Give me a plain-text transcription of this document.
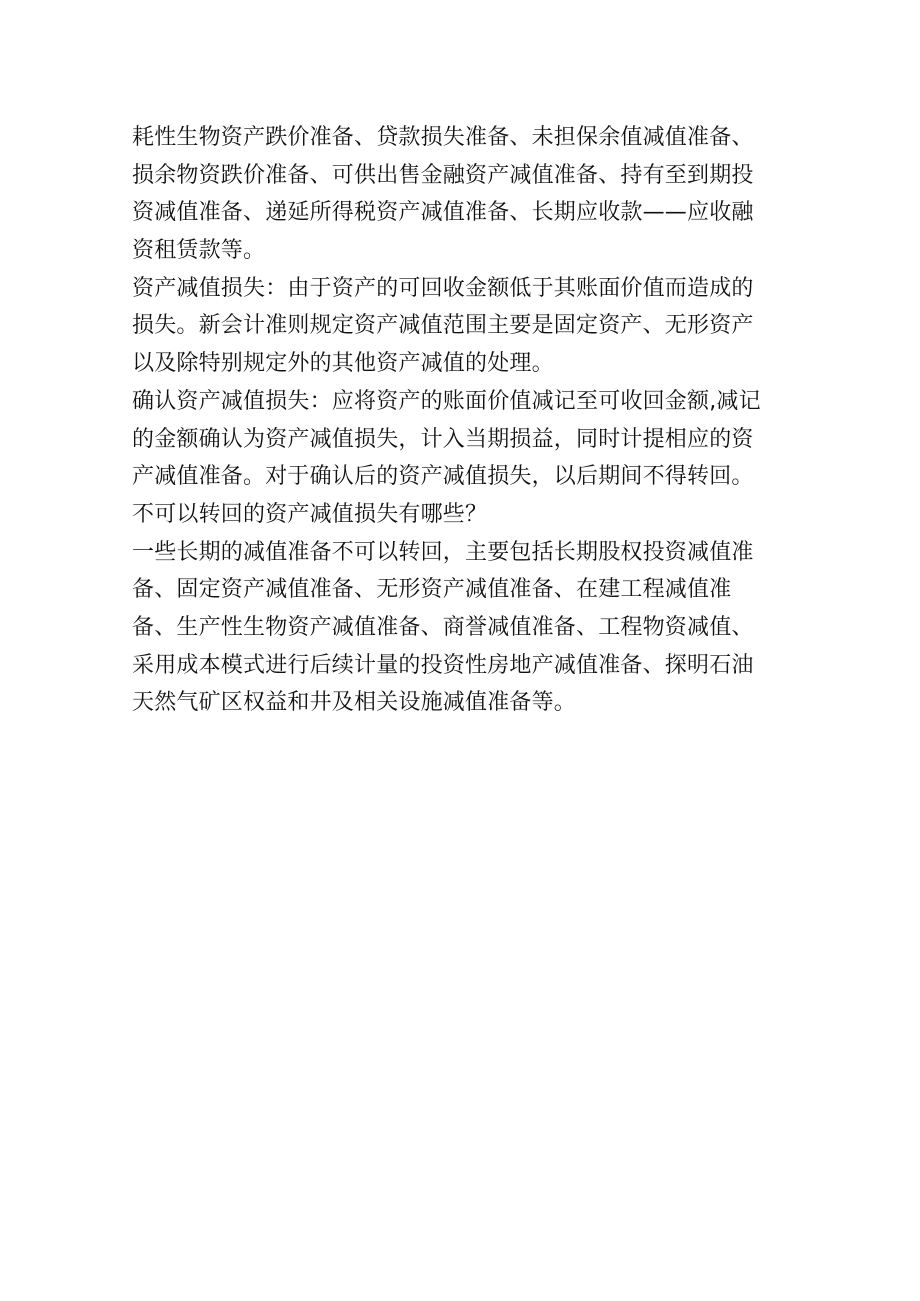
耗性生物资产跌价准备、贷款损失准备、未担保余值减值准备、
损余物资跌价准备、可供出售金融资产减值准备、持有至到期投
资减值准备、递延所得税资产减值准备、长期应收款——应收融
资租赁款等。
资产减值损失：由于资产的可回收金额低于其账面价值而造成的
损失。新会计准则规定资产减值范围主要是固定资产、无形资产
以及除特别规定外的其他资产减值的处理。
确认资产减值损失：应将资产的账面价值减记至可收回金额,减记
的金额确认为资产减值损失，计入当期损益，同时计提相应的资
产减值准备。对于确认后的资产减值损失，以后期间不得转回。
不可以转回的资产减值损失有哪些？
一些长期的减值准备不可以转回，主要包括长期股权投资减值准
备、固定资产减值准备、无形资产减值准备、在建工程减值准
备、生产性生物资产减值准备、商誉减值准备、工程物资减值、
采用成本模式进行后续计量的投资性房地产减值准备、探明石油
天然气矿区权益和井及相关设施减值准备等。
